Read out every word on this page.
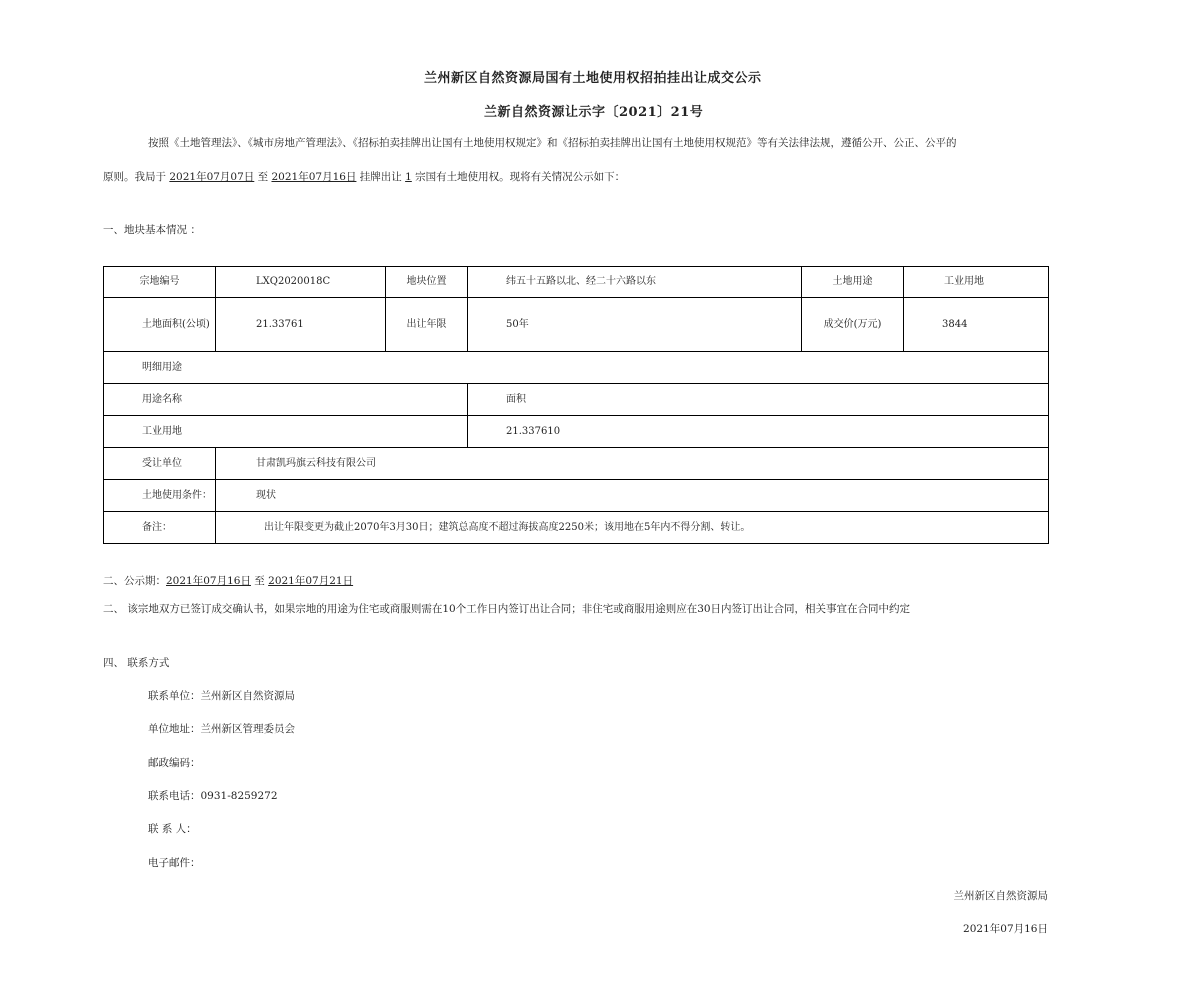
兰州新区自然资源局国有土地使用权招拍挂出让成交公示
兰新自然资源让示字〔2021〕21号
按照《土地管理法》、《城市房地产管理法》、《招标拍卖挂牌出让国有土地使用权规定》和《招标拍卖挂牌出让国有土地使用权规范》等有关法律法规，遵循公开、公正、公平的
原则。我局于 2021年07月07日 至 2021年07月16日 挂牌出让 1 宗国有土地使用权。现将有关情况公示如下：
一、地块基本情况 ：
宗地编号	LXQ2020018C	地块位置	纬五十五路以北、经二十六路以东	土地用途	工业用地
土地面积(公顷)	21.33761	出让年限	50年	成交价(万元)	3844
明细用途					
用途名称			面积		
工业用地			21.337610		
受让单位	甘肃凯玛旗云科技有限公司				
土地使用条件：	现状				
备注：	出让年限变更为截止2070年3月30日；建筑总高度不超过海拔高度2250米；该用地在5年内不得分割、转让。				
二、公示期：2021年07月16日 至 2021年07月21日
二、 该宗地双方已签订成交确认书，如果宗地的用途为住宅或商服则需在10个工作日内签订出让合同；非住宅或商服用途则应在30日内签订出让合同，相关事宜在合同中约定
四、 联系方式
联系单位：兰州新区自然资源局
单位地址：兰州新区管理委员会
邮政编码：
联系电话：0931-8259272
联 系 人：
电子邮件：
兰州新区自然资源局
2021年07月16日
